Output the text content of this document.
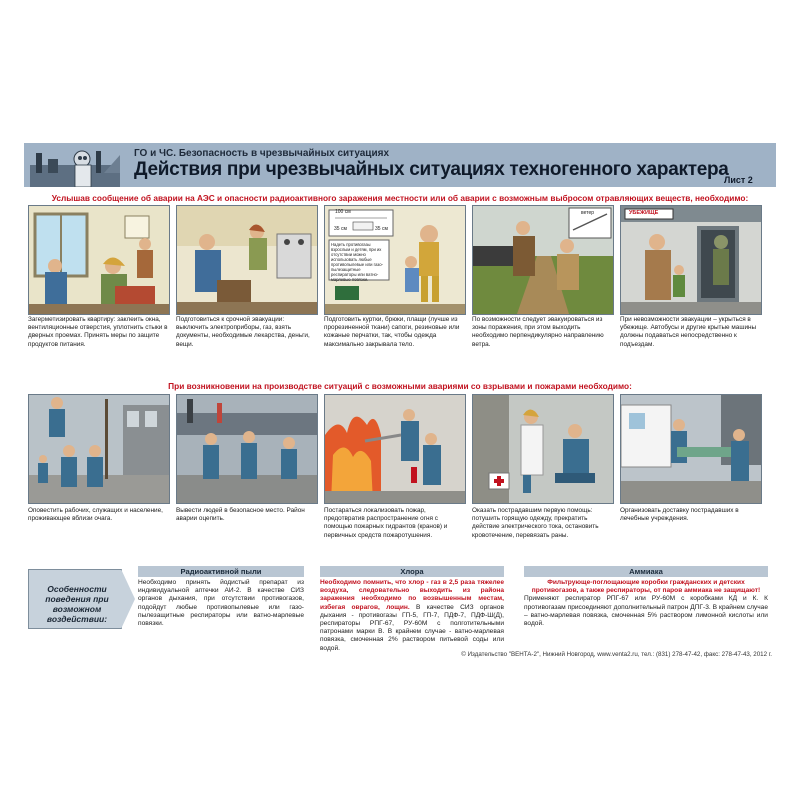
ГО и ЧС. Безопасность в чрезвычайных ситуациях
Действия при чрезвычайных ситуациях техногенного характера
Лист 2
Услышав сообщение об аварии на АЭС и опасности радиоактивного заражения местности или об аварии с возможным выбросом отравляющих веществ, необходимо:
Загерметизировать квартиру: заклеить окна, вентиляционные отверстия, уплотнить стыки в дверных проемах. Принять меры по защите продуктов питания.
Подготовиться к срочной эвакуации: выключить электроприборы, газ, взять документы, необходимые лекарства, деньги, вещи.
100 см
35 см	35 см
Надеть противогазы взрослым и детям, при их отсутствии можно использовать любые противопылевые или газо-пылезащитные респираторы или ватно-марлевые повязки.
Подготовить куртки, брюки, плащи (лучше из прорезиненной ткани) сапоги, резиновые или кожаные перчатки, так, чтобы одежда максимально закрывала тело.
ветер
По возможности следует эвакуироваться из зоны поражения, при этом выходить необходимо перпендикулярно направлению ветра.
УБЕЖИЩЕ
При невозможности эвакуации – укрыться в убежище. Автобусы и другие крытые машины должны подаваться непосредственно к подъездам.
При возникновении на производстве ситуаций с возможными авариями со взрывами и пожарами необходимо:
Оповестить рабочих, служащих и население, проживающее вблизи очага.
Вывести людей в безопасное место. Район аварии оцепить.
Постараться локализовать пожар, предотвратив распространение огня с помощью пожарных гидрантов (кранов) и первичных средств пожаротушения.
Оказать пострадавшим первую помощь: потушить горящую одежду, прекратить действие электрического тока, остановить кровотечение, перевязать раны.
Организовать доставку пострадавших в лечебные учреждения.
Особенности поведения при возможном воздействии:
Радиоактивной пыли
Необходимо принять йодистый препарат из индивидуальной аптечки АИ-2. В качестве СИЗ органов дыхания, при отсутствии противогазов, подойдут любые противопылевые или газо-пылезащитные респираторы или ватно-марлевые повязки.
Хлора
Необходимо помнить, что хлор - газ в 2,5 раза тяжелее воздуха, следовательно выходить из района заражения необходимо по возвышенным местам, избегая оврагов, лощин. В качестве СИЗ органов дыхания - противогазы ГП-5, ГП-7, ПДФ-7, ПДФ-Ш(Д), респираторы РПГ-67, РУ-60М с полготительными патронами марки В. В крайнем случае - ватно-марлевая повязка, смоченная 2% раствором питьевой соды или водой.
Аммиака
Фильтрующе-поглощающие коробки гражданских и детских противогазов, а также респираторы, от паров аммиака не защищают!
Применяют респиратор РПГ-67 или РУ-60М с коробками КД и К. К противогазам присоединяют дополнительный патрон ДПГ-3. В крайнем случае – ватно-марлевая повязка, смоченная 5% раствором лимонной кислоты или водой.
© Издательство "ВЕНТА-2", Нижний Новгород, www.venta2.ru, тел.: (831) 278-47-42, факс: 278-47-43, 2012 г.
